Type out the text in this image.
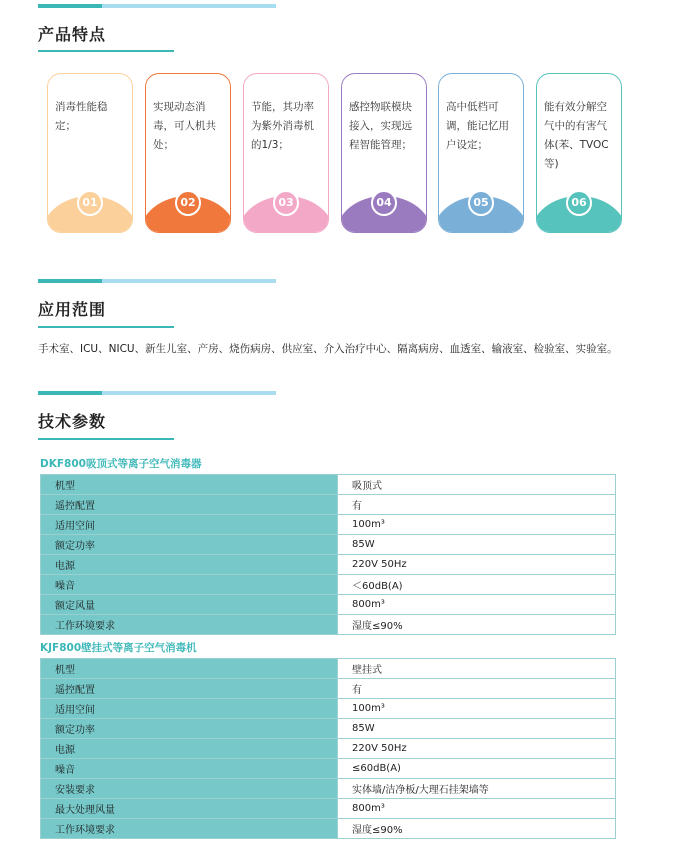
产品特点
消毒性能稳定；
01
实现动态消毒，可人机共处；
02
节能，其功率为紫外消毒机的1/3；
03
感控物联模块接入，实现远程智能管理；
04
高中低档可调，能记忆用户设定；
05
能有效分解空气中的有害气体(苯、TVOC等)
06
应用范围
手术室、ICU、NICU、新生儿室、产房、烧伤病房、供应室、介入治疗中心、隔离病房、血透室、输液室、检验室、实验室。
技术参数
DKF800吸顶式等离子空气消毒器
机型	吸顶式
遥控配置	有
适用空间	100m³
额定功率	85W
电源	220V 50Hz
噪音	＜60dB(A)
额定风量	800m³
工作环境要求	湿度≤90%
KJF800壁挂式等离子空气消毒机
机型	壁挂式
遥控配置	有
适用空间	100m³
额定功率	85W
电源	220V 50Hz
噪音	≤60dB(A)
安装要求	实体墙/洁净板/大理石挂架墙等
最大处理风量	800m³
工作环境要求	湿度≤90%
